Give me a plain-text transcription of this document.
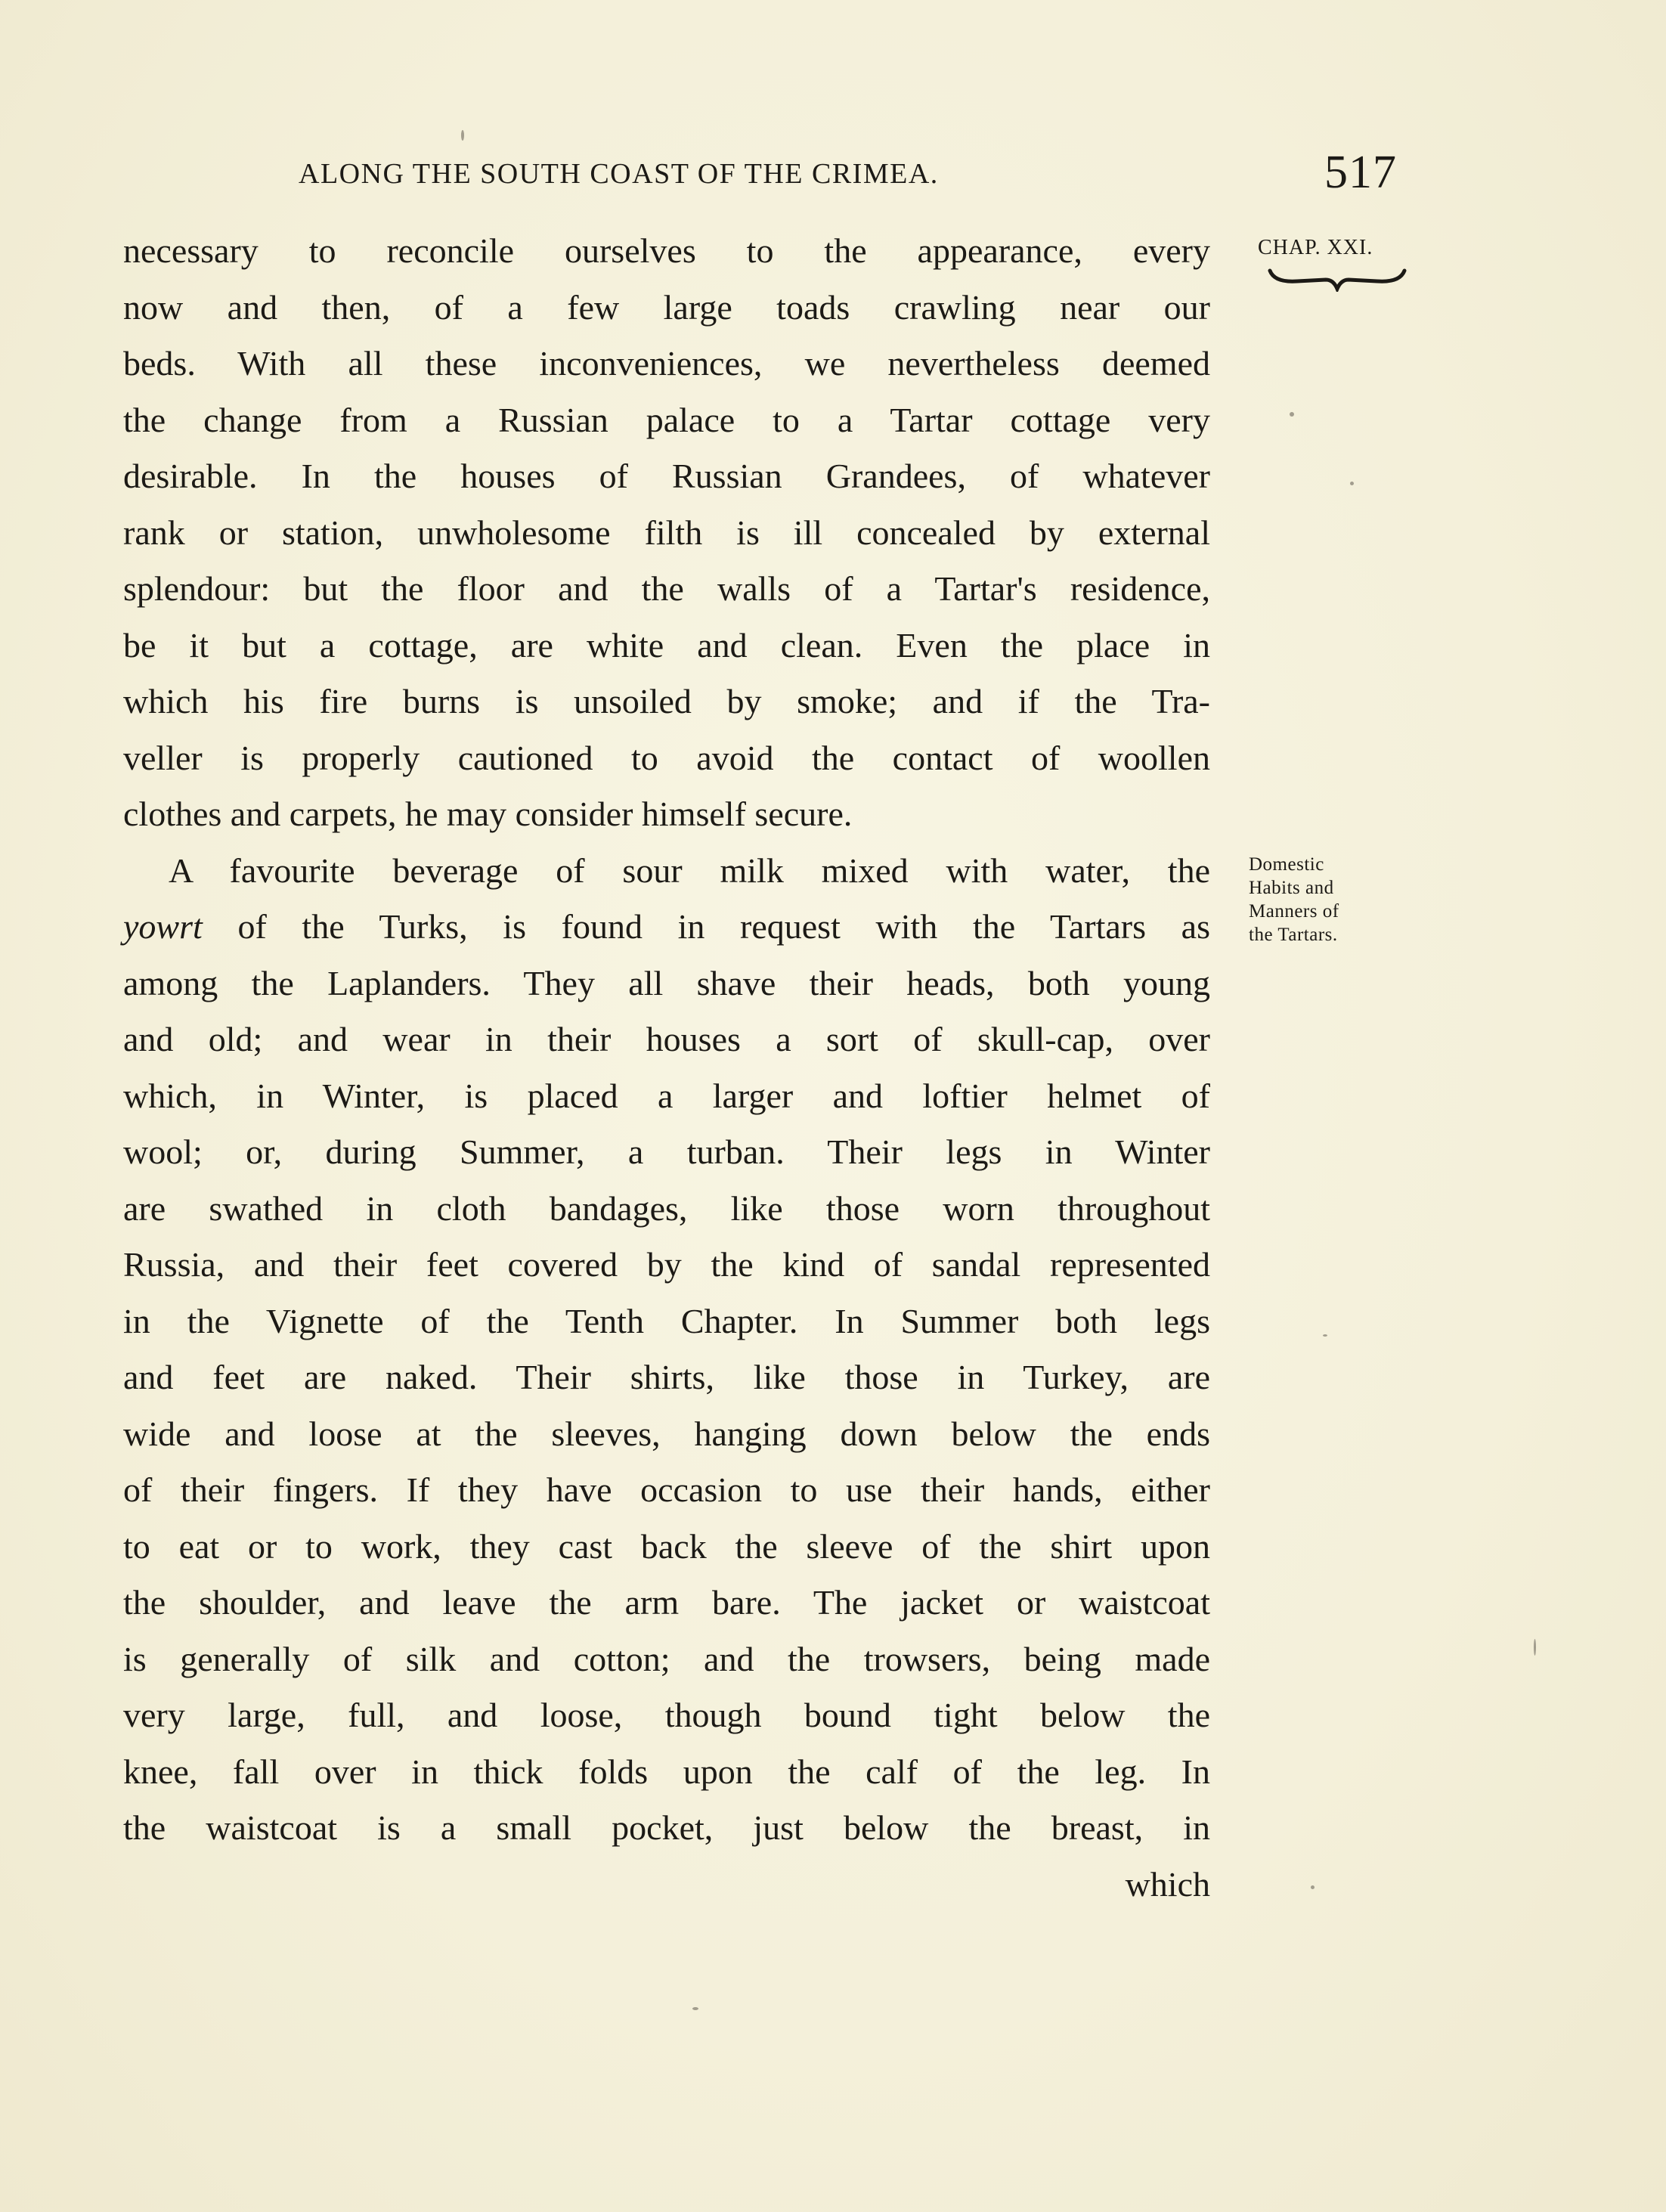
ALONG THE SOUTH COAST OF THE CRIMEA.	517
CHAP. XXI.
necessary to reconcile ourselves to the appearance, every
now and then, of a few large toads crawling near our
beds. With all these inconveniences, we nevertheless deemed
the change from a Russian palace to a Tartar cottage very
desirable. In the houses of Russian Grandees, of whatever
rank or station, unwholesome filth is ill concealed by external
splendour: but the floor and the walls of a Tartar's residence,
be it but a cottage, are white and clean. Even the place in
which his fire burns is unsoiled by smoke; and if the Tra-
veller is properly cautioned to avoid the contact of woollen
clothes and carpets, he may consider himself secure.
A favourite beverage of sour milk mixed with water, the
yowrt of the Turks, is found in request with the Tartars as
among the Laplanders. They all shave their heads, both young
and old; and wear in their houses a sort of skull-cap, over
which, in Winter, is placed a larger and loftier helmet of
wool; or, during Summer, a turban. Their legs in Winter
are swathed in cloth bandages, like those worn throughout
Russia, and their feet covered by the kind of sandal represented
in the Vignette of the Tenth Chapter. In Summer both legs
and feet are naked. Their shirts, like those in Turkey, are
wide and loose at the sleeves, hanging down below the ends
of their fingers. If they have occasion to use their hands, either
to eat or to work, they cast back the sleeve of the shirt upon
the shoulder, and leave the arm bare. The jacket or waistcoat
is generally of silk and cotton; and the trowsers, being made
very large, full, and loose, though bound tight below the
knee, fall over in thick folds upon the calf of the leg. In
the waistcoat is a small pocket, just below the breast, in
which
Domestic
Habits and
Manners of
the Tartars.
